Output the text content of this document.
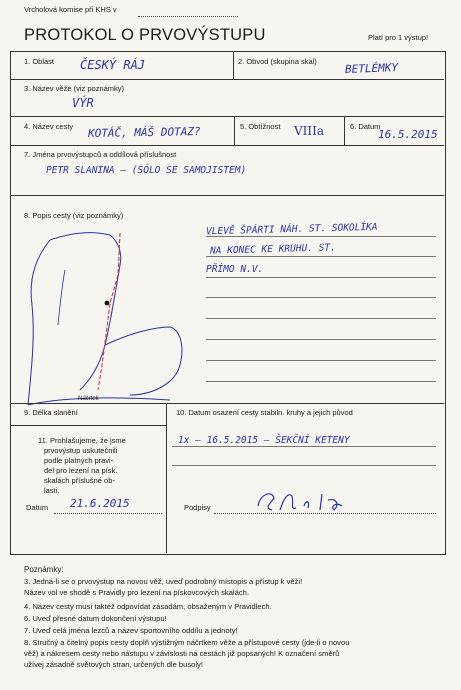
Vrcholová komise při KHS v
PROTOKOL O PRVOVÝSTUPU	Platí pro 1 výstup!
1. Oblast ČESKÝ RÁJ	2. Obvod (skupina skal)	BETLÉMKY
3. Název věže (viz poznámky)
VÝR
4. Název cesty KOTÁČ, MÁŠ DOTAZ?	5. Obtížnost VIIIa	6. Datum
16.5.2015
7. Jména prvovýstupců a oddílová příslušnost
PETR SLANINA – (SÓLO SE SAMOJISTEM)
8. Popis cesty (viz poznámky)
VLEVĚ ŠPÁRTI NÁH. ST. SOKOLÍKA
NA KONEC KE KRUHU. ST.
PŘÍMO N.V.
Náčrtek
9. Délka slanění	10. Datum osazení cesty stabiln. kruhy a jejich původ
1x – 16.5.2015 – ŠEKČNÍ KETENY
11. Prohlašujeme, že jsme
prvovýstup uskutečnili
podle platných pravi-
del pro lezení na písk.
skalách příslušné ob-
lasti.
Datum 21.6.2015	Podpisy
Poznámky:
3. Jedná-li se o prvovýstup na novou věž, uveď podrobný místopis a přístup k věži!
Název vol ve shodě s Pravidly pro lezení na pískovcových skalách.
4. Název cesty musí taktéž odpovídat zásadám, obsaženým v Pravidlech.
6. Uveď přesné datum dokončení výstupu!
7. Uveď celá jména lezců a název sportovního oddílu a jednoty!
8. Stručný a čitelný popis cesty doplň výstižným náčrtkem věže a přístupové cesty (jde-li o novou
věž) a nákresem cesty nebo nástupu v závislosti na cestách již popsaných! K označení směrů
užívej zásadně světových stran, určených dle busoly!
